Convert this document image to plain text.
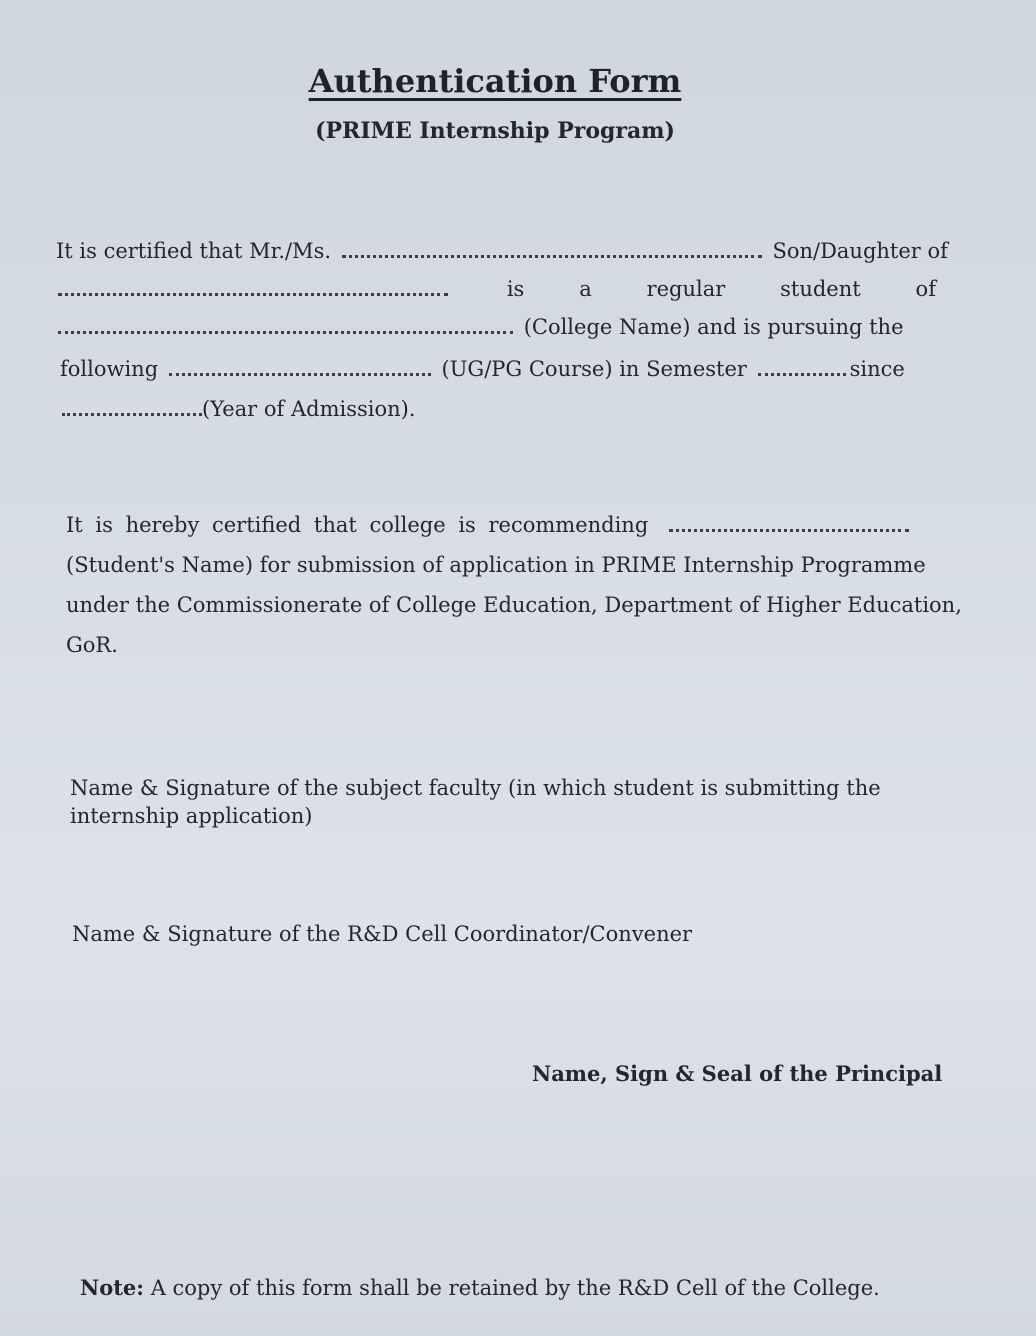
Authentication Form
(PRIME Internship Program)
It is certified that Mr./Ms.	Son/Daughter of
is	a	regular	student	of
(College Name) and is pursuing the
following	(UG/PG Course) in Semester	since
(Year of Admission).
It is hereby certified that college is recommending
(Student's Name) for submission of application in PRIME Internship Programme
under the Commissionerate of College Education, Department of Higher Education,
GoR.
Name & Signature of the subject faculty (in which student is submitting the
internship application)
Name & Signature of the R&D Cell Coordinator/Convener
Name, Sign & Seal of the Principal
Note: A copy of this form shall be retained by the R&D Cell of the College.
